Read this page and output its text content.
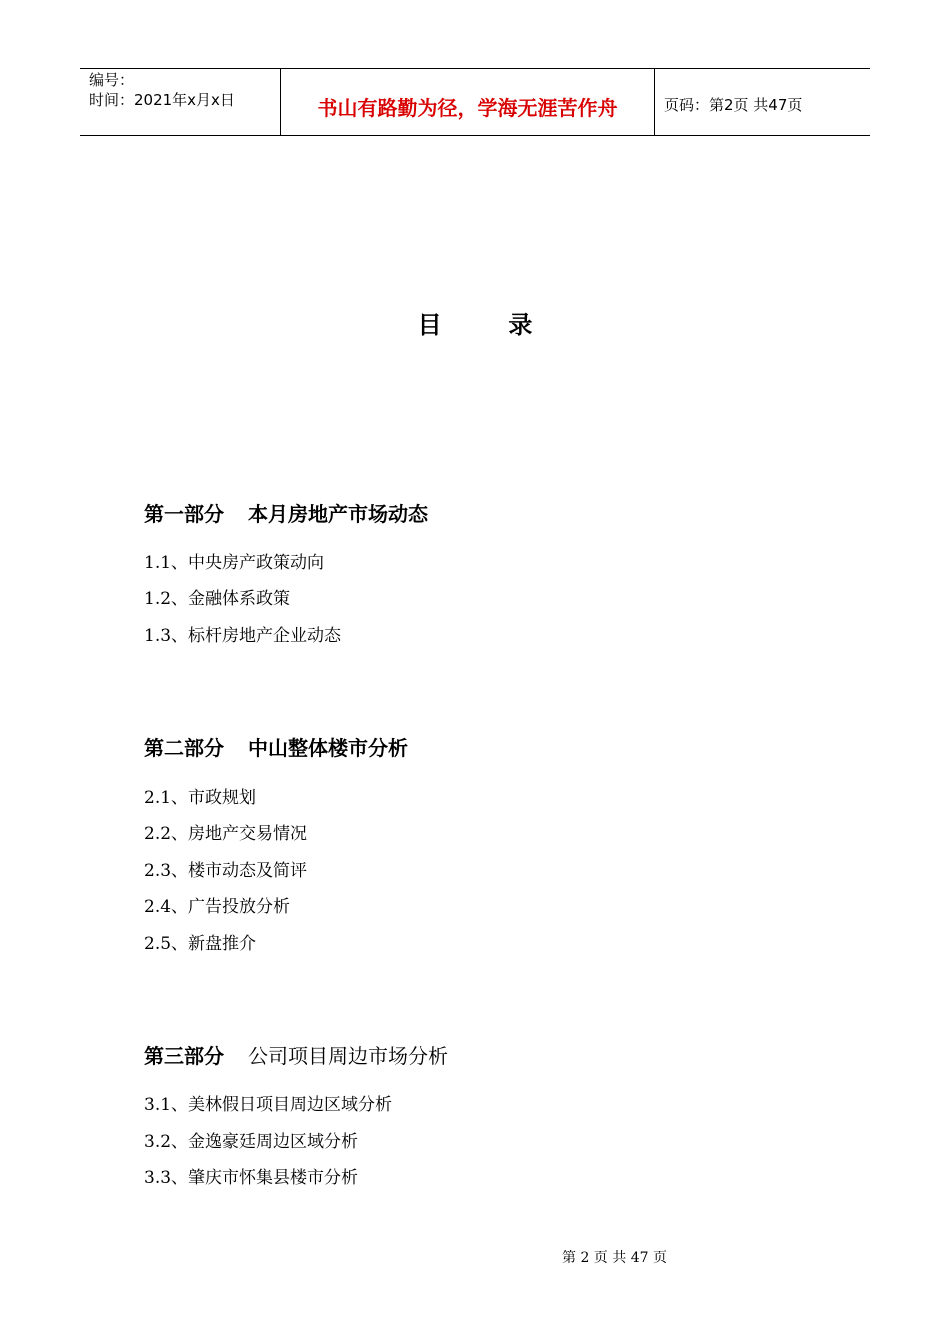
编号：
时间：2021年x月x日	书山有路勤为径，学海无涯苦作舟	页码：第2页 共47页
目        录
第一部分 本月房地产市场动态
1.1、中央房产政策动向
1.2、金融体系政策
1.3、标杆房地产企业动态
第二部分 中山整体楼市分析
2.1、市政规划
2.2、房地产交易情况
2.3、楼市动态及简评
2.4、广告投放分析
2.5、新盘推介
第三部分 公司项目周边市场分析
3.1、美林假日项目周边区域分析
3.2、金逸豪廷周边区域分析
3.3、肇庆市怀集县楼市分析
第 2 页 共 47 页
